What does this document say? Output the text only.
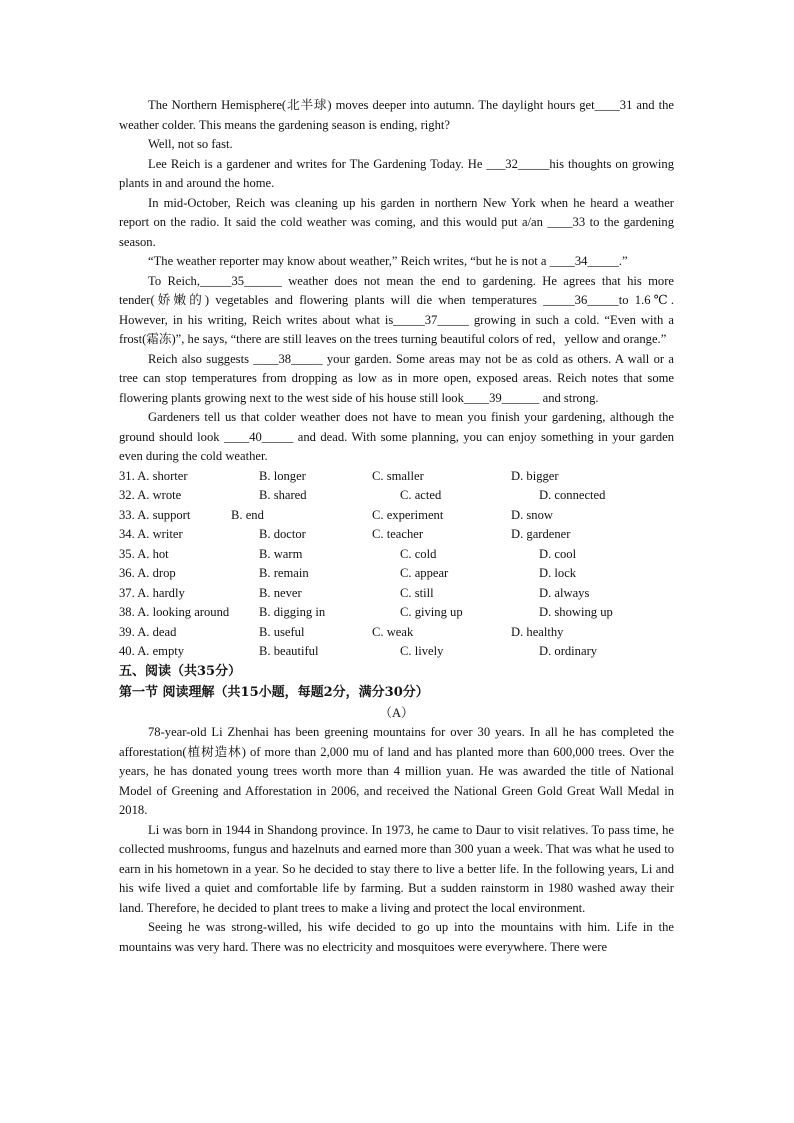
The Northern Hemisphere(北半球) moves deeper into autumn. The daylight hours get____31 and the weather colder. This means the gardening season is ending, right?

Well, not so fast.

Lee Reich is a gardener and writes for The Gardening Today. He ___32_____his thoughts on growing plants in and around the home.

In mid-October, Reich was cleaning up his garden in northern New York when he heard a weather report on the radio. It said the cold weather was coming, and this would put a/an ____33 to the gardening season.

“The weather reporter may know about weather,” Reich writes, “but he is not a ____34_____.”

To Reich,_____35______ weather does not mean the end to gardening. He agrees that his more tender(娇嫩的) vegetables and flowering plants will die when temperatures _____36_____to 1.6℃. However, in his writing, Reich writes about what is_____37_____ growing in such a cold. “Even with a frost(霜冻)”, he says, “there are still leaves on the trees turning beautiful colors of red，yellow and orange.”

Reich also suggests ____38_____ your garden. Some areas may not be as cold as others. A wall or a tree can stop temperatures from dropping as low as in more open, exposed areas. Reich notes that some flowering plants growing next to the west side of his house still look____39______ and strong.

Gardeners tell us that colder weather does not have to mean you finish your gardening, although the ground should look ____40_____ and dead. With some planning, you can enjoy something in your garden even during the cold weather.

31. A. shorter	B. longer	C. smaller	D. bigger
32. A. wrote	B. shared	C. acted	D. connected
33. A. support	B. end	C. experiment	D. snow
34. A. writer	B. doctor	C. teacher	D. gardener
35. A. hot	B. warm	C. cold	D. cool
36. A. drop	B. remain	C. appear	D. lock
37. A. hardly	B. never	C. still	D. always
38. A. looking around B. digging in	C. giving up	D. showing up
39. A. dead	B. useful	C. weak	D. healthy
40. A. empty	B. beautiful	C. lively	D. ordinary

五、阅读（共35分）

第一节 阅读理解（共15小题，每题2分，满分30分）

（A）

78-year-old Li Zhenhai has been greening mountains for over 30 years. In all he has completed the afforestation(植树造林) of more than 2,000 mu of land and has planted more than 600,000 trees. Over the years, he has donated young trees worth more than 4 million yuan. He was awarded the title of National Model of Greening and Afforestation in 2006, and received the National Green Gold Great Wall Medal in 2018.

Li was born in 1944 in Shandong province. In 1973, he came to Daur to visit relatives. To pass time, he collected mushrooms, fungus and hazelnuts and earned more than 300 yuan a week. That was what he used to earn in his hometown in a year. So he decided to stay there to live a better life. In the following years, Li and his wife lived a quiet and comfortable life by farming. But a sudden rainstorm in 1980 washed away their land. Therefore, he decided to plant trees to make a living and protect the local environment.

Seeing he was strong-willed, his wife decided to go up into the mountains with him. Life in the mountains was very hard. There was no electricity and mosquitoes were everywhere. There were
